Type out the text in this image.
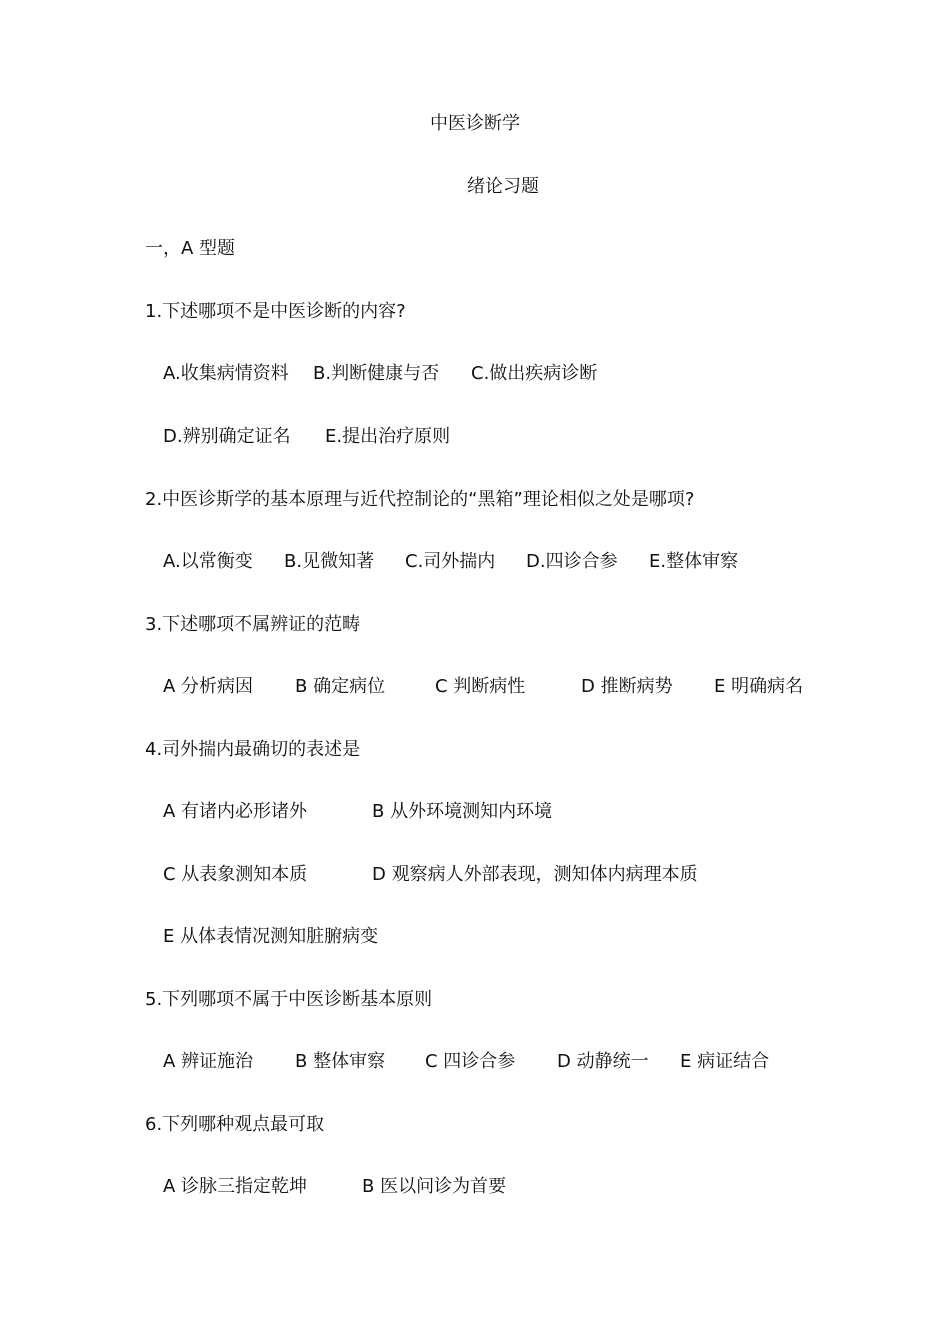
中医诊断学
绪论习题
一，A 型题
1.下述哪项不是中医诊断的内容?
A.收集病情资料 B.判断健康与否 C.做出疾病诊断
D.辨别确定证名 E.提出治疗原则
2.中医诊斯学的基本原理与近代控制论的“黑箱”理论相似之处是哪项?
A.以常衡变 B.见微知著 C.司外揣内 D.四诊合参 E.整体审察
3.下述哪项不属辨证的范畴
A 分析病因 B 确定病位	C 判断病性	D 推断病势 E 明确病名
4.司外揣内最确切的表述是
A 有诸内必形诸外	B 从外环境测知内环境
C 从表象测知本质	D 观察病人外部表现，测知体内病理本质
E 从体表情况测知脏腑病变
5.下列哪项不属于中医诊断基本原则
A 辨证施治 B 整体审察 C 四诊合参 D 动静统一 E 病证结合
6.下列哪种观点最可取
A 诊脉三指定乾坤	B 医以问诊为首要
